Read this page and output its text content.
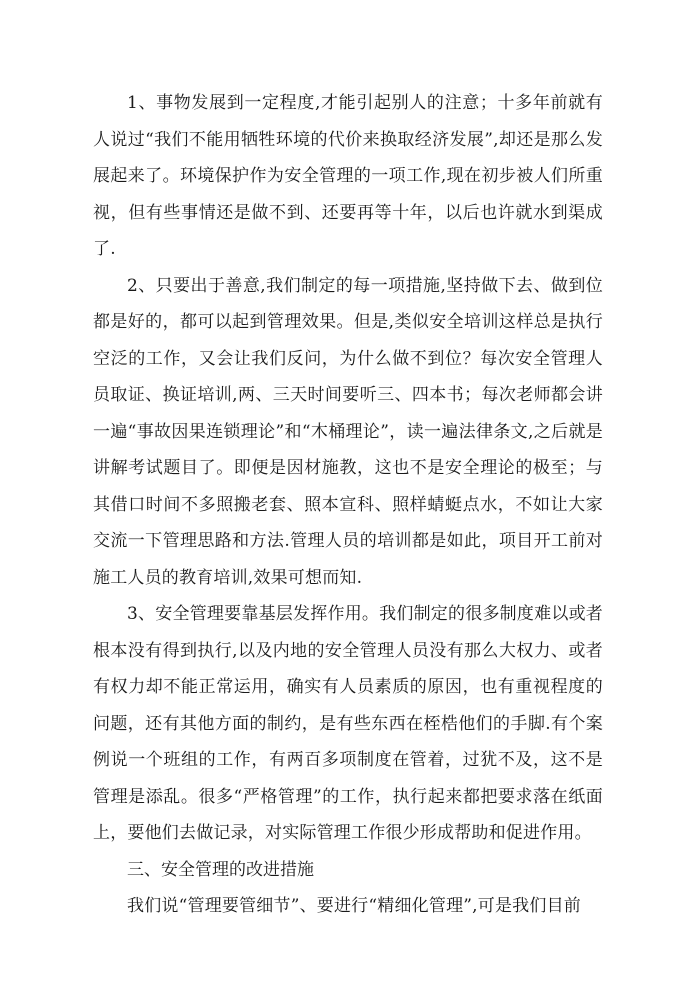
1、事物发展到一定程度,才能引起别人的注意；十多年前就有人说过“我们不能用牺牲环境的代价来换取经济发展”,却还是那么发展起来了。环境保护作为安全管理的一项工作,现在初步被人们所重视，但有些事情还是做不到、还要再等十年，以后也许就水到渠成了.

2、只要出于善意,我们制定的每一项措施,坚持做下去、做到位都是好的，都可以起到管理效果。但是,类似安全培训这样总是执行空泛的工作，又会让我们反问，为什么做不到位？每次安全管理人员取证、换证培训,两、三天时间要听三、四本书；每次老师都会讲一遍“事故因果连锁理论”和“木桶理论”，读一遍法律条文,之后就是讲解考试题目了。即便是因材施教，这也不是安全理论的极至；与其借口时间不多照搬老套、照本宣科、照样蜻蜓点水，不如让大家交流一下管理思路和方法.管理人员的培训都是如此，项目开工前对施工人员的教育培训,效果可想而知.

3、安全管理要靠基层发挥作用。我们制定的很多制度难以或者根本没有得到执行,以及内地的安全管理人员没有那么大权力、或者有权力却不能正常运用，确实有人员素质的原因，也有重视程度的问题，还有其他方面的制约，是有些东西在桎梏他们的手脚.有个案例说一个班组的工作，有两百多项制度在管着，过犹不及，这不是管理是添乱。很多“严格管理”的工作，执行起来都把要求落在纸面上，要他们去做记录，对实际管理工作很少形成帮助和促进作用。

三、安全管理的改进措施

我们说“管理要管细节”、要进行“精细化管理”,可是我们目前
